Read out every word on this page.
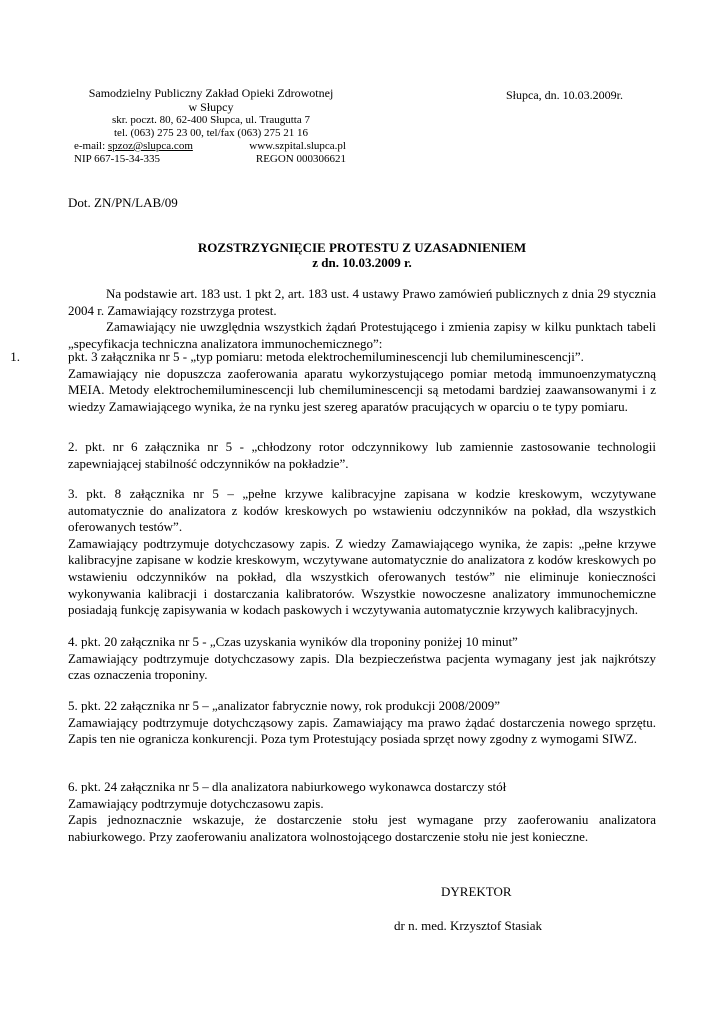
Samodzielny Publiczny Zakład Opieki Zdrowotnej
w Słupcy
skr. poczt. 80, 62-400 Słupca, ul. Traugutta 7
tel. (063) 275 23 00, tel/fax (063) 275 21 16
e-mail: spzoz@slupca.com	www.szpital.slupca.pl
NIP 667-15-34-335	REGON 000306621
Słupca, dn. 10.03.2009r.
Dot. ZN/PN/LAB/09
ROZSTRZYGNIĘCIE PROTESTU Z UZASADNIENIEM
z dn. 10.03.2009 r.

Na podstawie art. 183 ust. 1 pkt 2, art. 183 ust. 4 ustawy Prawo zamówień publicznych z dnia 29 stycznia 2004 r. Zamawiający rozstrzyga protest.

Zamawiający nie uwzględnia wszystkich żądań Protestującego i zmienia zapisy w kilku punktach tabeli „specyfikacja techniczna analizatora immunochemicznego”:

1.	pkt. 3 załącznika nr 5 - „typ pomiaru: metoda elektrochemiluminescencji lub chemiluminescencji”.

Zamawiający nie dopuszcza zaoferowania aparatu wykorzystującego pomiar metodą immunoenzymatyczną MEIA. Metody elektrochemiluminescencji lub chemiluminescencji są metodami bardziej zaawansowanymi i z wiedzy Zamawiającego wynika, że na rynku jest szereg aparatów pracujących w oparciu o te typy pomiaru.

2. pkt. nr 6 załącznika nr 5 - „chłodzony rotor odczynnikowy lub zamiennie zastosowanie technologii zapewniającej stabilność odczynników na pokładzie”.

3. pkt. 8 załącznika nr 5 – „pełne krzywe kalibracyjne zapisana w kodzie kreskowym, wczytywane automatycznie do analizatora z kodów kreskowych po wstawieniu odczynników na pokład, dla wszystkich oferowanych testów”.

Zamawiający podtrzymuje dotychczasowy zapis. Z wiedzy Zamawiającego wynika, że zapis: „pełne krzywe kalibracyjne zapisane w kodzie kreskowym, wczytywane automatycznie do analizatora z kodów kreskowych po wstawieniu odczynników na pokład, dla wszystkich oferowanych testów” nie eliminuje konieczności wykonywania kalibracji i dostarczania kalibratorów. Wszystkie nowoczesne analizatory immunochemiczne posiadają funkcję zapisywania w kodach paskowych i wczytywania automatycznie krzywych kalibracyjnych.

4. pkt. 20 załącznika nr 5 - „Czas uzyskania wyników dla troponiny poniżej 10 minut”

Zamawiający podtrzymuje dotychczasowy zapis. Dla bezpieczeństwa pacjenta wymagany jest jak najkrótszy czas oznaczenia troponiny.

5. pkt. 22 załącznika nr 5 – „analizator fabrycznie nowy, rok produkcji 2008/2009”

Zamawiający podtrzymuje dotychcząsowy zapis. Zamawiający ma prawo żądać dostarczenia nowego sprzętu. Zapis ten nie ogranicza konkurencji. Poza tym Protestujący posiada sprzęt nowy zgodny z wymogami SIWZ.

6. pkt. 24 załącznika nr 5 – dla analizatora nabiurkowego wykonawca dostarczy stół

Zamawiający podtrzymuje dotychczasowu zapis.

Zapis jednoznacznie wskazuje, że dostarczenie stołu jest wymagane przy zaoferowaniu analizatora nabiurkowego. Przy zaoferowaniu analizatora wolnostojącego dostarczenie stołu nie jest konieczne.

DYREKTOR
dr n. med. Krzysztof Stasiak
